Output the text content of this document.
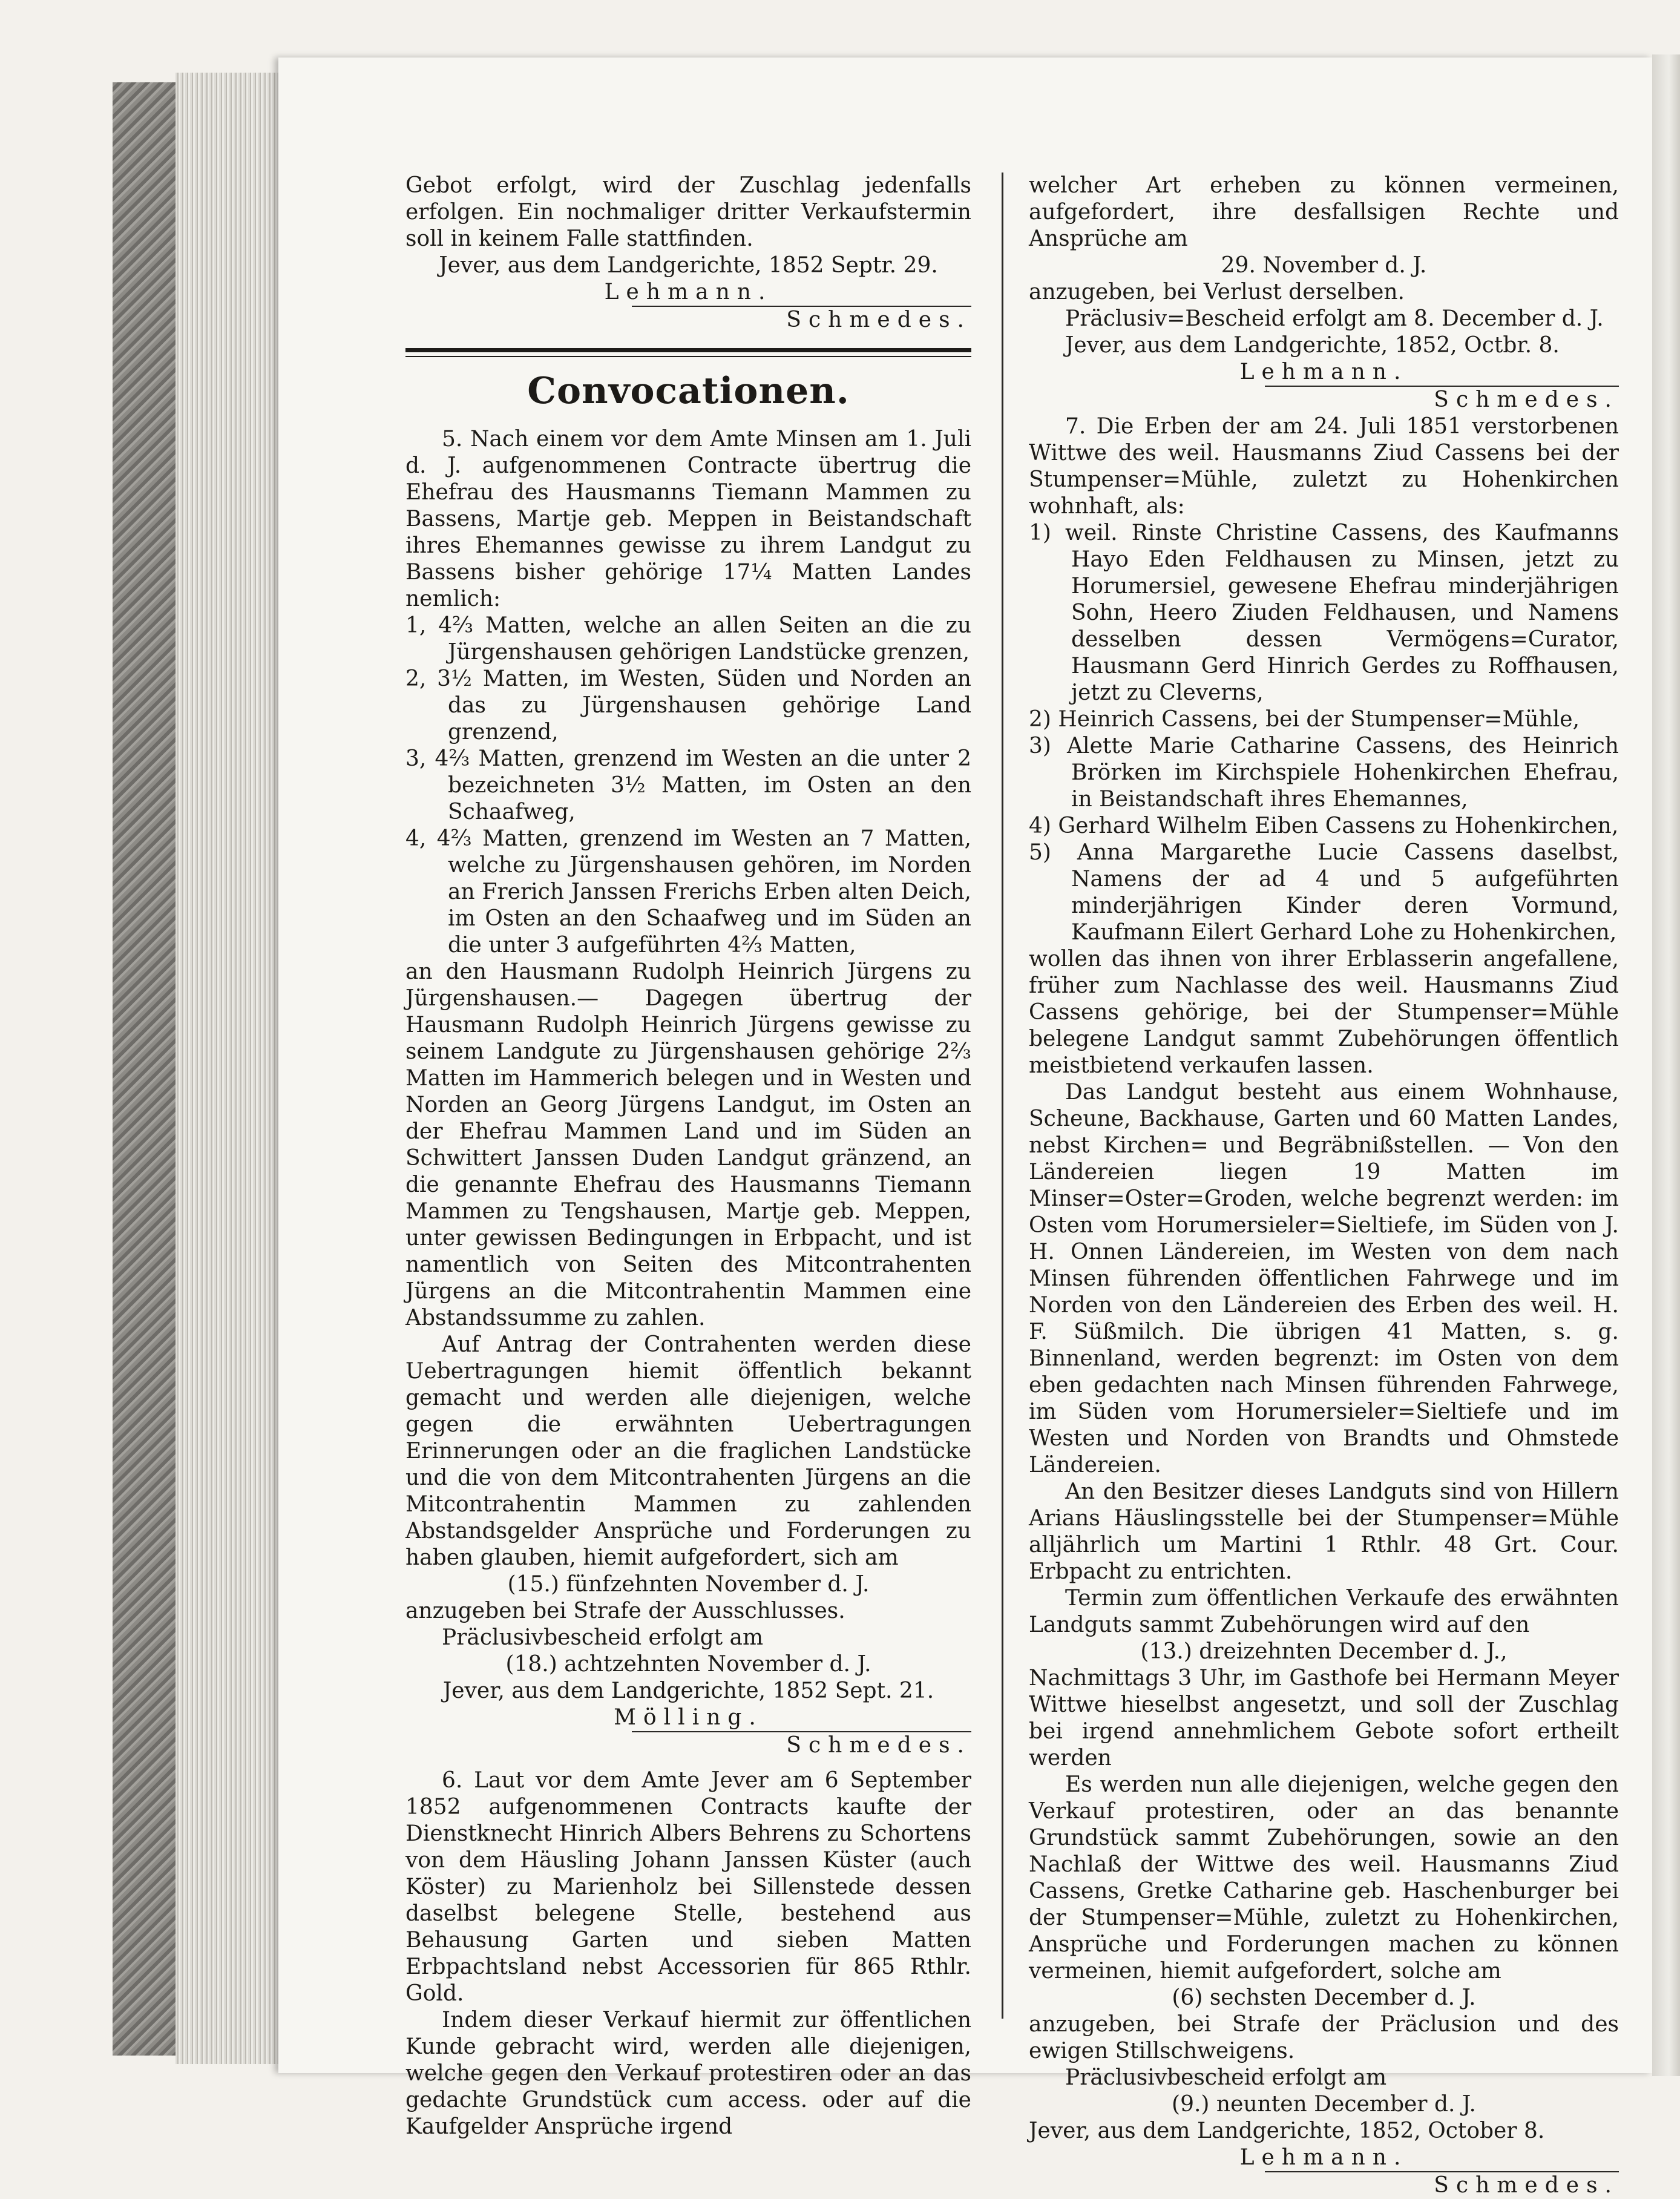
Gebot erfolgt, wird der Zuschlag jedenfalls erfolgen. Ein nochmaliger dritter Verkaufstermin soll in keinem Falle stattfinden.

Jever, aus dem Landgerichte, 1852 Septr. 29.

Lehmann.

Schmedes.

Convocationen.

5. Nach einem vor dem Amte Minsen am 1. Juli d. J. aufgenommenen Contracte übertrug die Ehefrau des Hausmanns Tiemann Mammen zu Bassens, Martje geb. Meppen in Beistandschaft ihres Ehemannes gewisse zu ihrem Landgut zu Bassens bisher gehörige 17¼ Matten Landes nemlich:

1, 4⅔ Matten, welche an allen Seiten an die zu Jürgenshausen gehörigen Landstücke grenzen,

2, 3½ Matten, im Westen, Süden und Norden an das zu Jürgenshausen gehörige Land grenzend,

3, 4⅔ Matten, grenzend im Westen an die unter 2 bezeichneten 3½ Matten, im Osten an den Schaafweg,

4, 4⅔ Matten, grenzend im Westen an 7 Matten, welche zu Jürgenshausen gehören, im Norden an Frerich Janssen Frerichs Erben alten Deich, im Osten an den Schaafweg und im Süden an die unter 3 aufgeführten 4⅔ Matten,

an den Hausmann Rudolph Heinrich Jürgens zu Jürgenshausen.— Dagegen übertrug der Hausmann Rudolph Heinrich Jürgens gewisse zu seinem Landgute zu Jürgenshausen gehörige 2⅔ Matten im Hammerich belegen und in Westen und Norden an Georg Jürgens Landgut, im Osten an der Ehefrau Mammen Land und im Süden an Schwittert Janssen Duden Landgut gränzend, an die genannte Ehefrau des Hausmanns Tiemann Mammen zu Tengshausen, Martje geb. Meppen, unter gewissen Bedingungen in Erbpacht, und ist namentlich von Seiten des Mitcontrahenten Jürgens an die Mitcontrahentin Mammen eine Abstandssumme zu zahlen.

Auf Antrag der Contrahenten werden diese Uebertragungen hiemit öffentlich bekannt gemacht und werden alle diejenigen, welche gegen die erwähnten Uebertragungen Erinnerungen oder an die fraglichen Landstücke und die von dem Mitcontrahenten Jürgens an die Mitcontrahentin Mammen zu zahlenden Abstandsgelder Ansprüche und Forderungen zu haben glauben, hiemit aufgefordert, sich am

(15.) fünfzehnten November d. J.

anzugeben bei Strafe der Ausschlusses.

Präclusivbescheid erfolgt am

(18.) achtzehnten November d. J.

Jever, aus dem Landgerichte, 1852 Sept. 21.

Mölling.

Schmedes.

6. Laut vor dem Amte Jever am 6 September 1852 aufgenommenen Contracts kaufte der Dienstknecht Hinrich Albers Behrens zu Schortens von dem Häusling Johann Janssen Küster (auch Köster) zu Marienholz bei Sillenstede dessen daselbst belegene Stelle, bestehend aus Behausung Garten und sieben Matten Erbpachtsland nebst Accessorien für 865 Rthlr. Gold.

Indem dieser Verkauf hiermit zur öffentlichen Kunde gebracht wird, werden alle diejenigen, welche gegen den Verkauf protestiren oder an das gedachte Grundstück cum access. oder auf die Kaufgelder Ansprüche irgend

welcher Art erheben zu können vermeinen, aufgefordert, ihre desfallsigen Rechte und Ansprüche am

29. November d. J.

anzugeben, bei Verlust derselben.

Präclusiv=Bescheid erfolgt am 8. December d. J.

Jever, aus dem Landgerichte, 1852, Octbr. 8.

Lehmann.

Schmedes.

7. Die Erben der am 24. Juli 1851 verstorbenen Wittwe des weil. Hausmanns Ziud Cassens bei der Stumpenser=Mühle, zuletzt zu Hohenkirchen wohnhaft, als:

1) weil. Rinste Christine Cassens, des Kaufmanns Hayo Eden Feldhausen zu Minsen, jetzt zu Horumersiel, gewesene Ehefrau minderjährigen Sohn, Heero Ziuden Feldhausen, und Namens desselben dessen Vermögens=Curator, Hausmann Gerd Hinrich Gerdes zu Roffhausen, jetzt zu Cleverns,

2) Heinrich Cassens, bei der Stumpenser=Mühle,

3) Alette Marie Catharine Cassens, des Heinrich Brörken im Kirchspiele Hohenkirchen Ehefrau, in Beistandschaft ihres Ehemannes,

4) Gerhard Wilhelm Eiben Cassens zu Hohenkirchen,

5) Anna Margarethe Lucie Cassens daselbst, Namens der ad 4 und 5 aufgeführten minderjährigen Kinder deren Vormund, Kaufmann Eilert Gerhard Lohe zu Hohenkirchen,

wollen das ihnen von ihrer Erblasserin angefallene, früher zum Nachlasse des weil. Hausmanns Ziud Cassens gehörige, bei der Stumpenser=Mühle belegene Landgut sammt Zubehörungen öffentlich meistbietend verkaufen lassen.

Das Landgut besteht aus einem Wohnhause, Scheune, Backhause, Garten und 60 Matten Landes, nebst Kirchen= und Begräbnißstellen. — Von den Ländereien liegen 19 Matten im Minser=Oster=Groden, welche begrenzt werden: im Osten vom Horumersieler=Sieltiefe, im Süden von J. H. Onnen Ländereien, im Westen von dem nach Minsen führenden öffentlichen Fahrwege und im Norden von den Ländereien des Erben des weil. H. F. Süßmilch. Die übrigen 41 Matten, s. g. Binnenland, werden begrenzt: im Osten von dem eben gedachten nach Minsen führenden Fahrwege, im Süden vom Horumersieler=Sieltiefe und im Westen und Norden von Brandts und Ohmstede Ländereien.

An den Besitzer dieses Landguts sind von Hillern Arians Häuslingsstelle bei der Stumpenser=Mühle alljährlich um Martini 1 Rthlr. 48 Grt. Cour. Erbpacht zu entrichten.

Termin zum öffentlichen Verkaufe des erwähnten Landguts sammt Zubehörungen wird auf den

(13.) dreizehnten December d. J.,

Nachmittags 3 Uhr, im Gasthofe bei Hermann Meyer Wittwe hieselbst angesetzt, und soll der Zuschlag bei irgend annehmlichem Gebote sofort ertheilt werden

Es werden nun alle diejenigen, welche gegen den Verkauf protestiren, oder an das benannte Grundstück sammt Zubehörungen, sowie an den Nachlaß der Wittwe des weil. Hausmanns Ziud Cassens, Gretke Catharine geb. Haschenburger bei der Stumpenser=Mühle, zuletzt zu Hohenkirchen, Ansprüche und Forderungen machen zu können vermeinen, hiemit aufgefordert, solche am

(6) sechsten December d. J.

anzugeben, bei Strafe der Präclusion und des ewigen Stillschweigens.

Präclusivbescheid erfolgt am

(9.) neunten December d. J.

Jever, aus dem Landgerichte, 1852, October 8.

Lehmann.

Schmedes.
